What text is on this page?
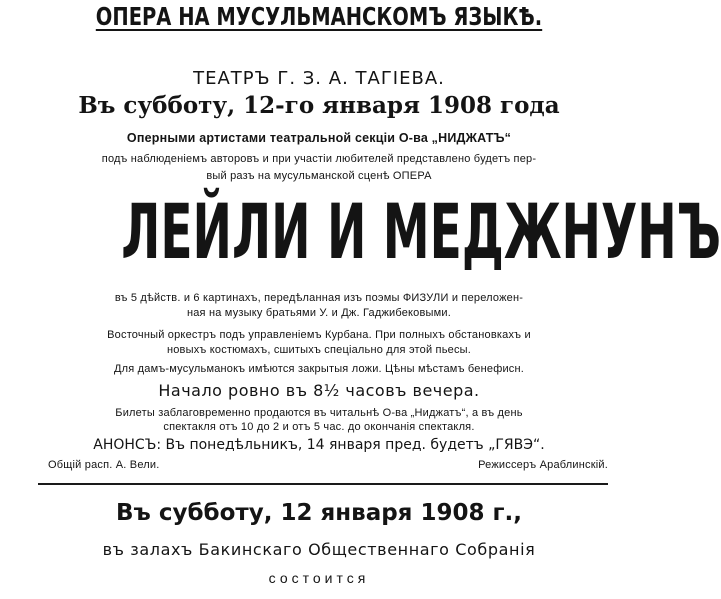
ОПЕРА НА МУСУЛЬМАНСКОМЪ ЯЗЫКѢ.
ТЕАТРЪ Г. З. А. ТАГІЕВА.
Въ субботу, 12-го января 1908 года
Оперными артистами театральной секціи О-ва „НИДЖАТЪ“
подъ наблюденіемъ авторовъ и при участіи любителей представлено будетъ пер-
вый разъ на мусульманской сценѣ ОПЕРА
ЛЕЙЛИ И МЕДЖНУНЪ
въ 5 дѣйств. и 6 картинахъ, передѣланная изъ поэмы ФИЗУЛИ и переложен-
ная на музыку братьями У. и Дж. Гаджибековыми.
Восточный оркестръ подъ управленіемъ Курбана. При полныхъ обстановкахъ и
новыхъ костюмахъ, сшитыхъ спеціально для этой пьесы.
Для дамъ-мусульманокъ имѣются закрытыя ложи. Цѣны мѣстамъ бенефисн.
Начало ровно въ 8½ часовъ вечера.
Билеты заблаговременно продаются въ читальнѣ О-ва „Ниджатъ“, а въ день
спектакля отъ 10 до 2 и отъ 5 час. до окончанія спектакля.
АНОНСЪ: Въ понедѣльникъ, 14 января пред. будетъ „ГЯВЭ“.
Общій расп. А. Вели.	Режиссеръ Араблинскій.
Въ субботу, 12 января 1908 г.,
въ залахъ Бакинскаго Общественнаго Собранія
состоится
